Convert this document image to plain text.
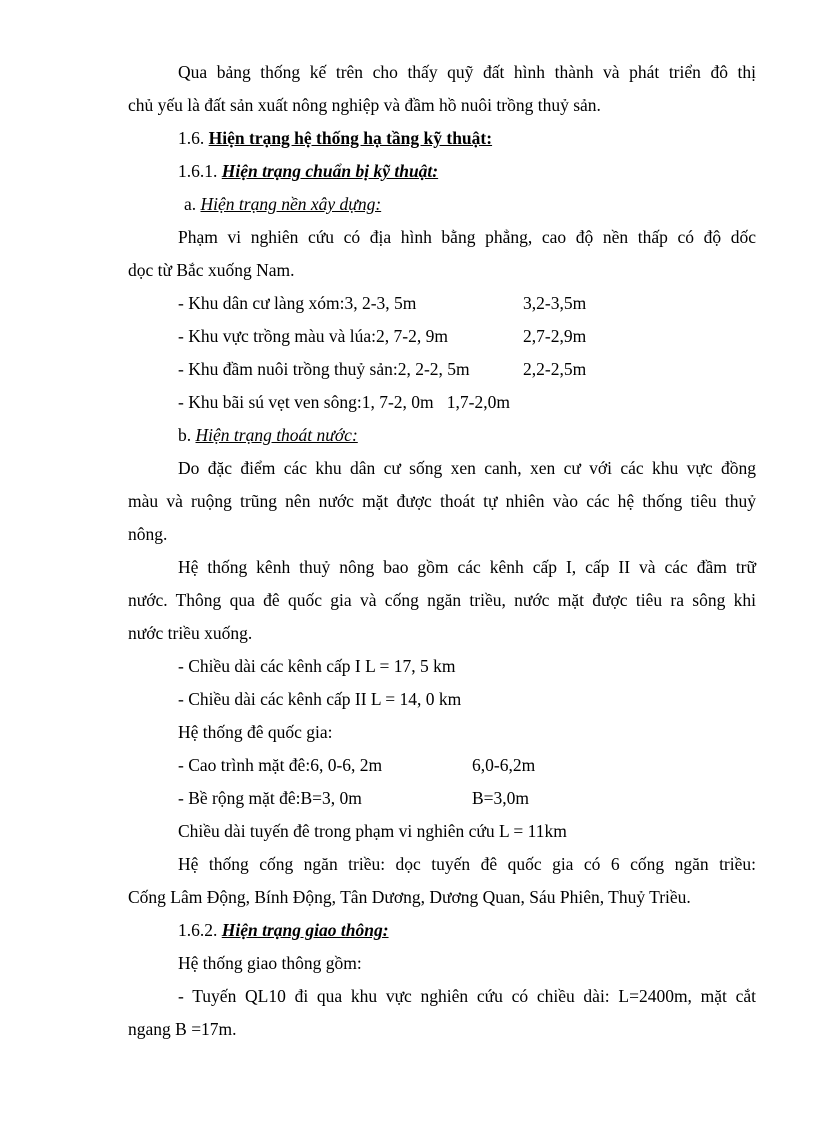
Qua bảng thống kế trên cho thấy quỹ đất hình thành và phát triển đô thị
chủ yếu là đất sản xuất nông nghiệp và đầm hồ nuôi trồng thuỷ sản.
1.6. Hiện trạng hệ thống hạ tầng kỹ thuật:
1.6.1. Hiện trạng chuẩn bị kỹ thuật:
a. Hiện trạng nền xây dựng:
Phạm vi nghiên cứu có địa hình bằng phẳng, cao độ nền thấp có độ dốc
dọc từ Bắc xuống Nam.
- Khu dân cư làng xóm:3, 2-3, 5m	3,2-3,5m
- Khu vực trồng màu và lúa:2, 7-2, 9m	2,7-2,9m
- Khu đầm nuôi trồng thuỷ sản:2, 2-2, 5m	2,2-2,5m
- Khu bãi sú vẹt ven sông:1, 7-2, 0m   1,7-2,0m
b. Hiện trạng thoát nước:
Do đặc điểm các khu dân cư sống xen canh, xen cư với các khu vực đồng
màu và ruộng trũng nên nước mặt được thoát tự nhiên vào các hệ thống tiêu thuỷ
nông.
Hệ thống kênh thuỷ nông bao gồm các kênh cấp I, cấp II và các đầm trữ
nước. Thông qua đê quốc gia và cống ngăn triều, nước mặt được tiêu ra sông khi
nước triều xuống.
- Chiều dài các kênh cấp I L = 17, 5 km
- Chiều dài các kênh cấp II L = 14, 0 km
Hệ thống đê quốc gia:
- Cao trình mặt đê:6, 0-6, 2m	6,0-6,2m
- Bề rộng mặt đê:B=3, 0m	B=3,0m
Chiều dài tuyến đê trong phạm vi nghiên cứu L = 11km
Hệ thống cống ngăn triều: dọc tuyến đê quốc gia có 6 cống ngăn triều:
Cống Lâm Động, Bính Động, Tân Dương, Dương Quan, Sáu Phiên, Thuỷ Triều.
1.6.2. Hiện trạng giao thông:
Hệ thống giao thông gồm:
- Tuyến QL10 đi qua khu vực nghiên cứu có chiều dài: L=2400m, mặt cắt
ngang B =17m.
